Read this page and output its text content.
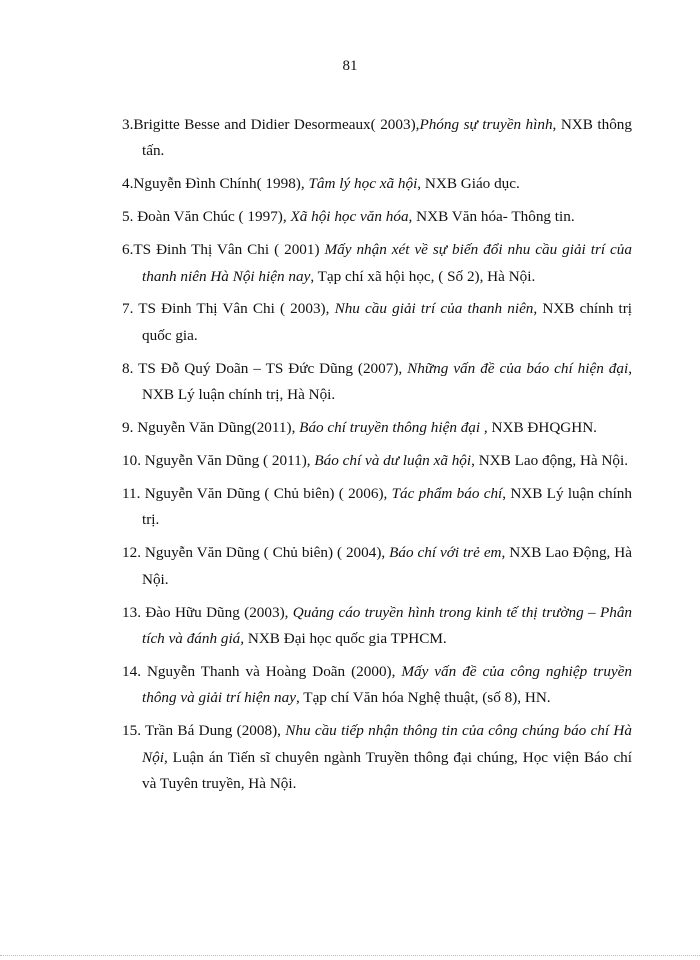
81
3.Brigitte Besse and Didier Desormeaux( 2003),Phóng sự truyền hình, NXB thông tấn.
4.Nguyễn Đình Chính( 1998), Tâm lý học xã hội, NXB Giáo dục.
5. Đoàn Văn Chúc ( 1997), Xã hội học văn hóa, NXB Văn hóa- Thông tin.
6.TS Đinh Thị Vân Chi ( 2001) Mấy nhận xét về sự biến đổi nhu cầu giải trí của thanh niên Hà Nội hiện nay, Tạp chí xã hội học, ( Số 2), Hà Nội.
7. TS Đinh Thị Vân Chi ( 2003), Nhu cầu giải trí của thanh niên, NXB chính trị quốc gia.
8. TS Đỗ Quý Doãn – TS Đức Dũng (2007), Những vấn đề của báo chí hiện đại, NXB Lý luận chính trị, Hà Nội.
9. Nguyễn Văn Dũng(2011), Báo chí truyền thông hiện đại , NXB ĐHQGHN.
10. Nguyễn Văn Dũng ( 2011), Báo chí và dư luận xã hội, NXB Lao động, Hà Nội.
11. Nguyễn Văn Dũng ( Chủ biên) ( 2006), Tác phẩm báo chí, NXB Lý luận chính trị.
12. Nguyễn Văn Dũng ( Chủ biên) ( 2004), Báo chí với trẻ em, NXB Lao Động, Hà Nội.
13. Đào Hữu Dũng (2003), Quảng cáo truyền hình trong kinh tế thị trường – Phân tích và đánh giá, NXB Đại học quốc gia TPHCM.
14. Nguyễn Thanh và Hoàng Doãn (2000), Mấy vấn đề của công nghiệp truyền thông và giải trí hiện nay, Tạp chí Văn hóa Nghệ thuật, (số 8), HN.
15. Trần Bá Dung (2008), Nhu cầu tiếp nhận thông tin của công chúng báo chí Hà Nội, Luận án Tiến sĩ chuyên ngành Truyền thông đại chúng, Học viện Báo chí và Tuyên truyền, Hà Nội.
